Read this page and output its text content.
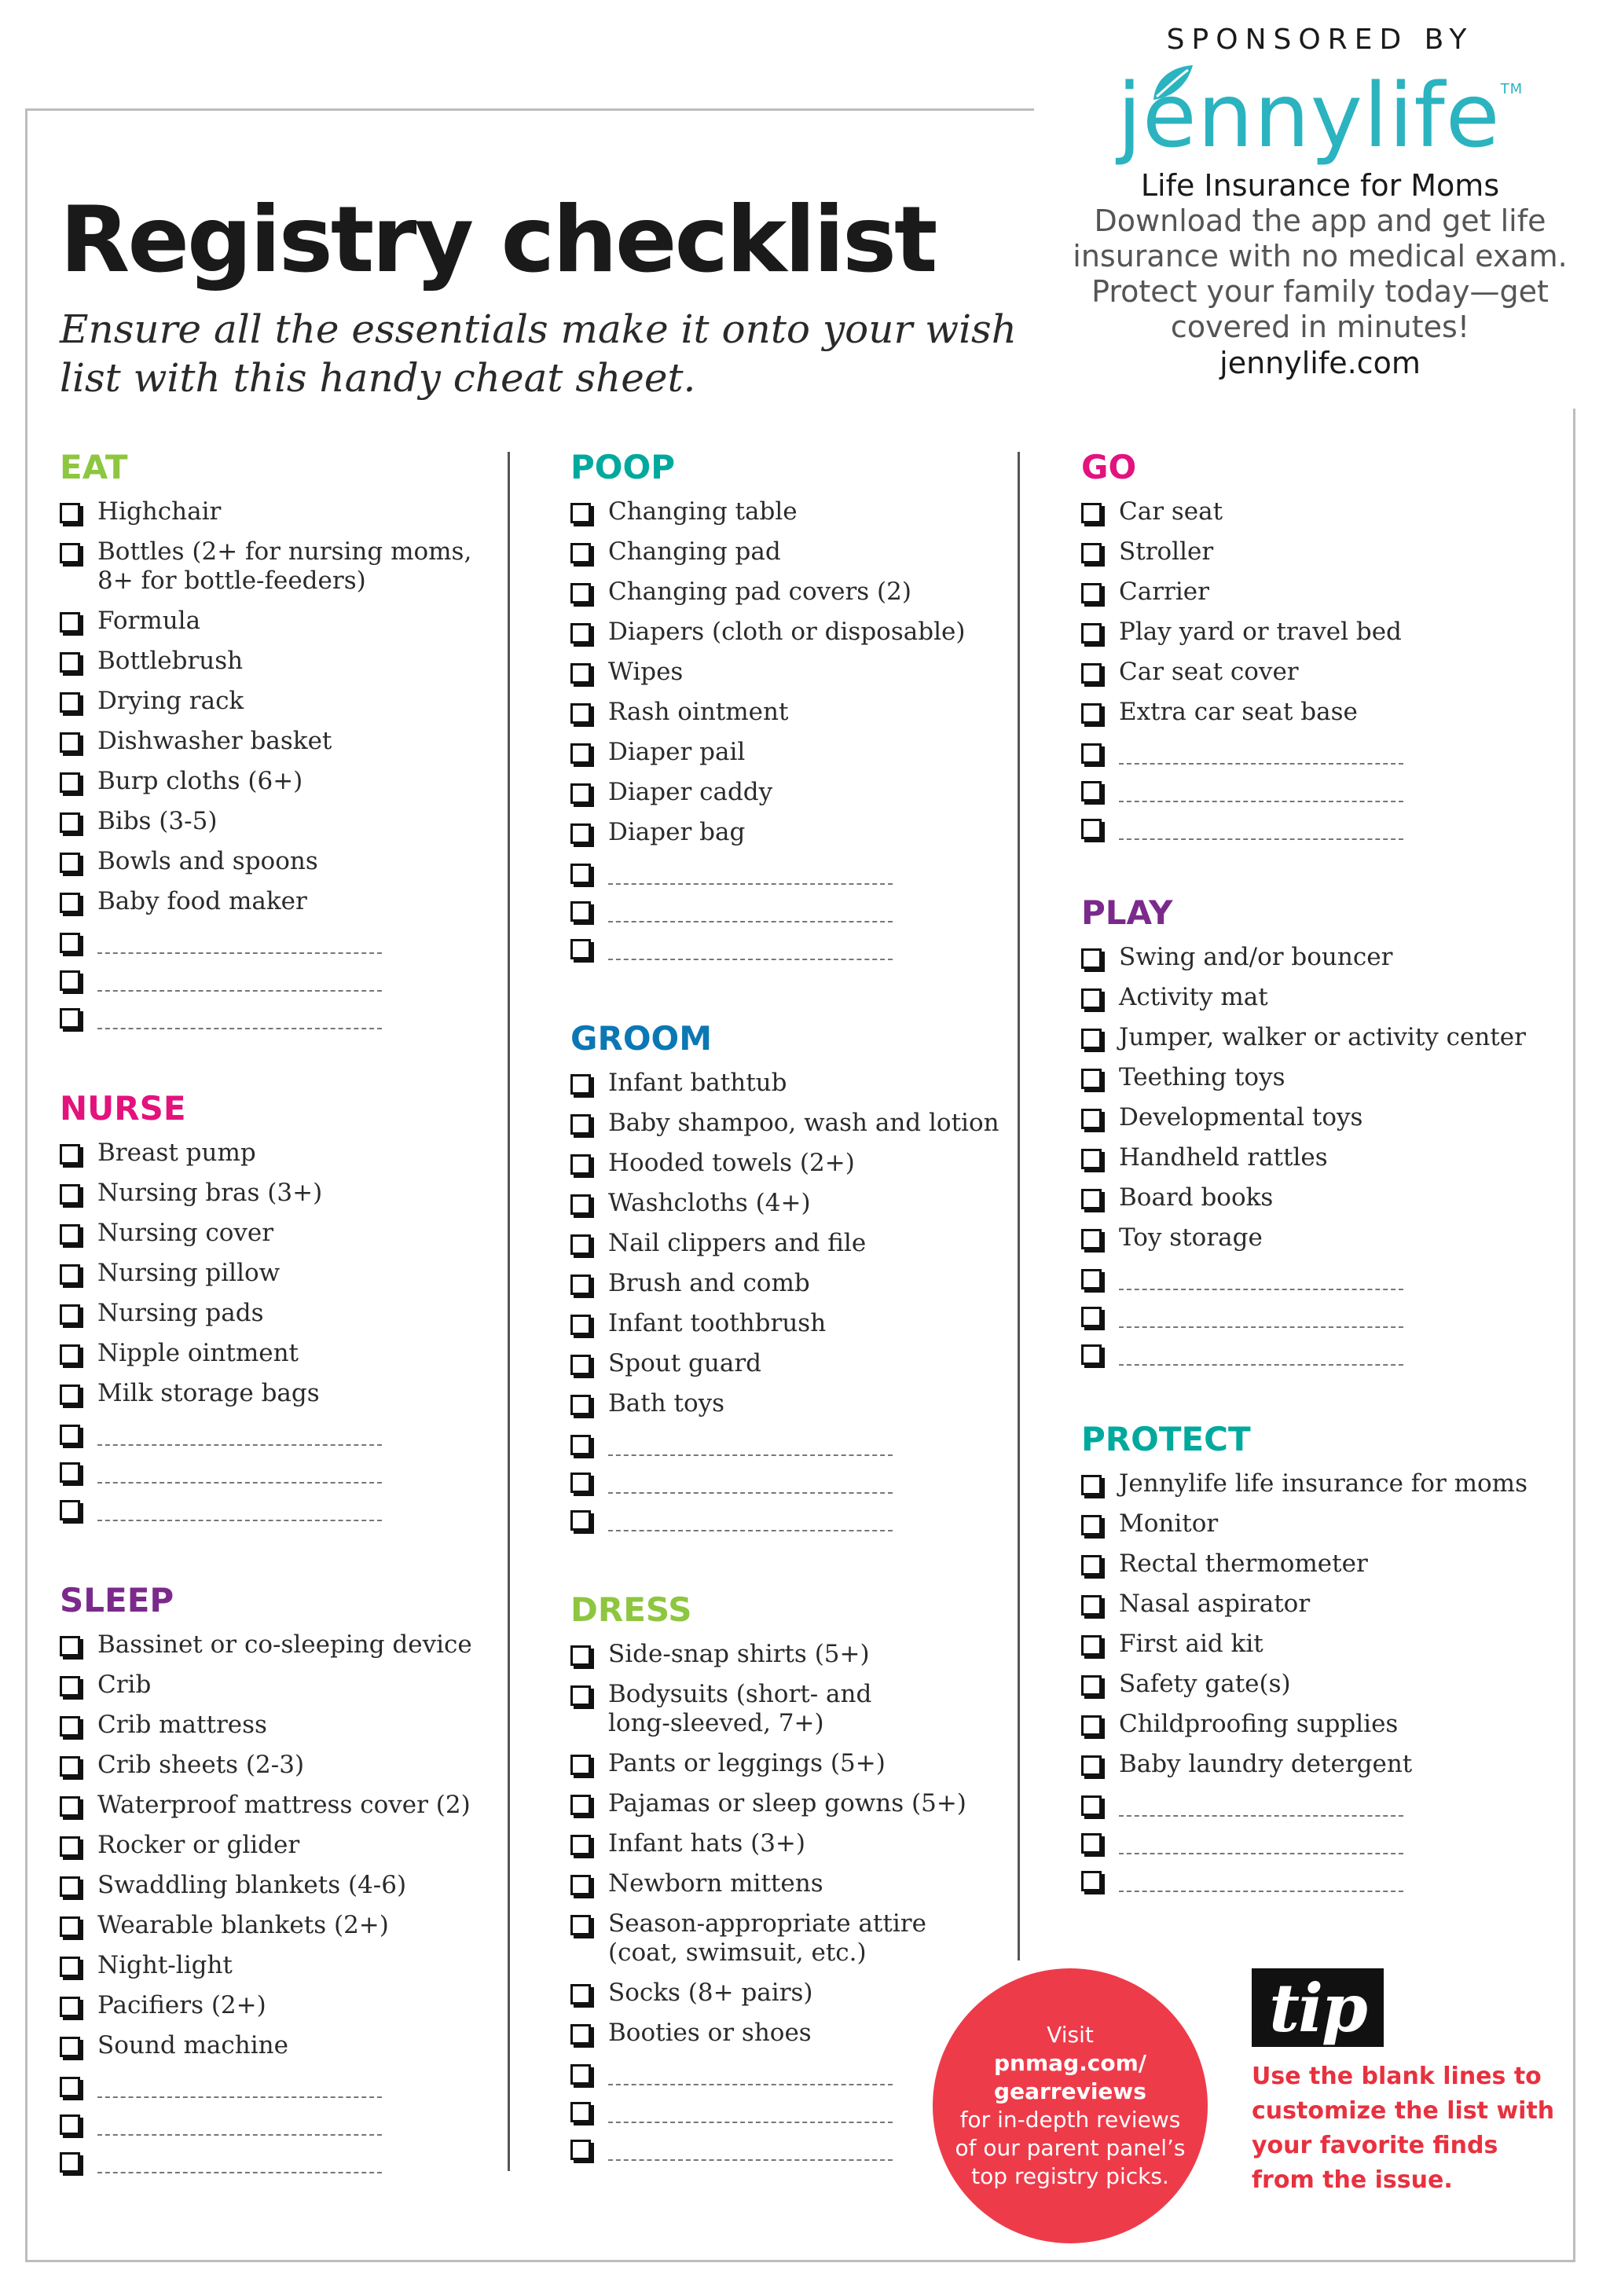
Registry checklist

Ensure all the essentials make it onto your wish list with this handy cheat sheet.

SPONSORED BY
jennylife™
Life Insurance for Moms
Download the app and get life insurance with no medical exam. Protect your family today—get covered in minutes!
jennylife.com
EAT
Highchair
Bottles (2+ for nursing moms,
8+ for bottle-feeders)
Formula
Bottlebrush
Drying rack
Dishwasher basket
Burp cloths (6+)
Bibs (3-5)
Bowls and spoons
Baby food maker
NURSE
Breast pump
Nursing bras (3+)
Nursing cover
Nursing pillow
Nursing pads
Nipple ointment
Milk storage bags
SLEEP
Bassinet or co-sleeping device
Crib
Crib mattress
Crib sheets (2-3)
Waterproof mattress cover (2)
Rocker or glider
Swaddling blankets (4-6)
Wearable blankets (2+)
Night-light
Pacifiers (2+)
Sound machine
POOP
Changing table
Changing pad
Changing pad covers (2)
Diapers (cloth or disposable)
Wipes
Rash ointment
Diaper pail
Diaper caddy
Diaper bag
GROOM
Infant bathtub
Baby shampoo, wash and lotion
Hooded towels (2+)
Washcloths (4+)
Nail clippers and file
Brush and comb
Infant toothbrush
Spout guard
Bath toys
DRESS
Side-snap shirts (5+)
Bodysuits (short- and
long-sleeved, 7+)
Pants or leggings (5+)
Pajamas or sleep gowns (5+)
Infant hats (3+)
Newborn mittens
Season-appropriate attire
(coat, swimsuit, etc.)
Socks (8+ pairs)
Booties or shoes
GO
Car seat
Stroller
Carrier
Play yard or travel bed
Car seat cover
Extra car seat base
PLAY
Swing and/or bouncer
Activity mat
Jumper, walker or activity center
Teething toys
Developmental toys
Handheld rattles
Board books
Toy storage
PROTECT
Jennylife life insurance for moms
Monitor
Rectal thermometer
Nasal aspirator
First aid kit
Safety gate(s)
Childproofing supplies
Baby laundry detergent
Visit
pnmag.com/ gearreviews
for in-depth reviews of our parent panel’s top registry picks.
tip

Use the blank lines to customize the list with your favorite finds from the issue.
